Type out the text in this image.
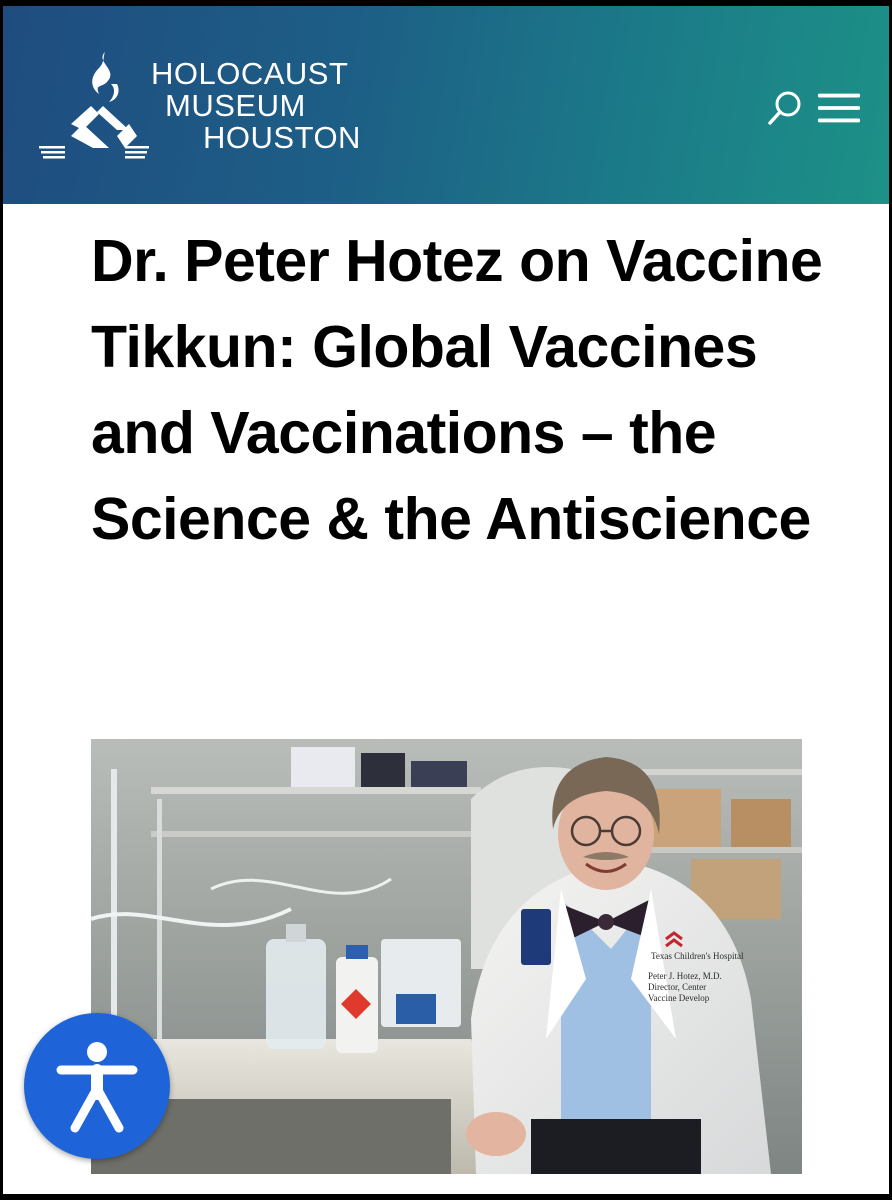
HOLOCAUST
MUSEUM
HOUSTON
Dr. Peter Hotez on Vaccine Tikkun: Global Vaccines and Vaccinations – the Science & the Antiscience
Texas Children's Hospital
Peter J. Hotez, M.D.
Director, Center
Vaccine Develop
